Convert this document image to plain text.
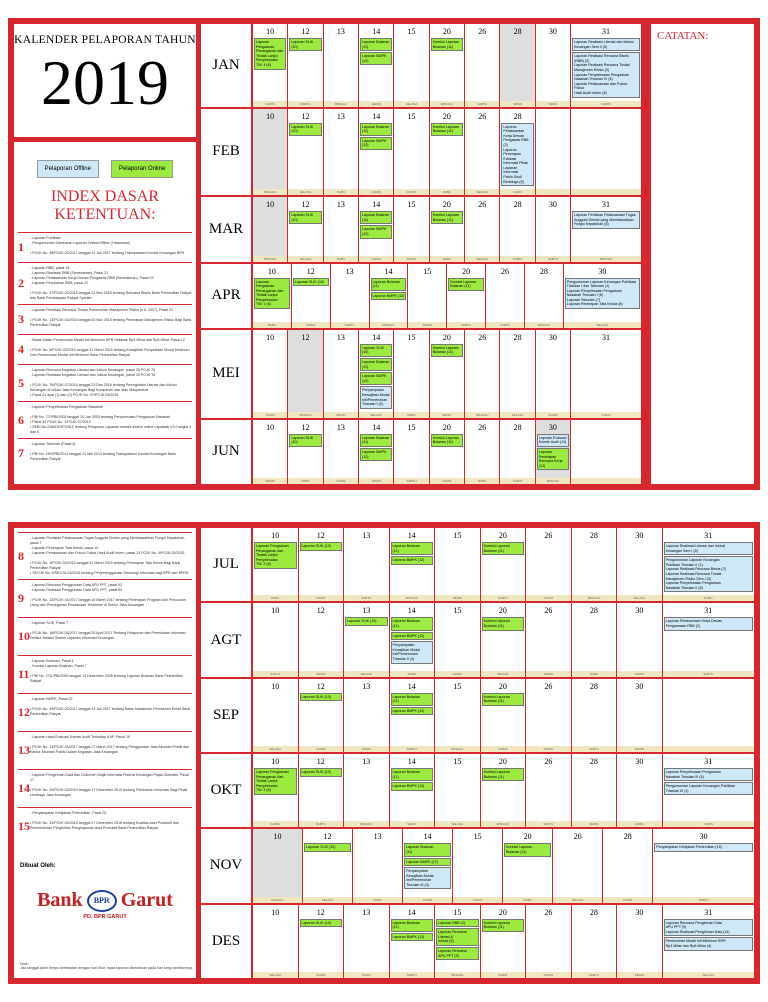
KALENDER PELAPORAN TAHUN
2019
Pelaporan Offline	Pelaporan Online
INDEX DASAR KETENTUAN:
1
- Laporan Publikasi
- Pengumuman Gambaran Laporan Online/Offline (Triwulanan)

• POJK No. 48/POJK.03/2017 tanggal 12 Juli 2017 tentang Transparansi Kondisi Keuangan BPR
2
- Laporan RBB, pasal 18
- Laporan Realisasi RBB (Semesteran), Pasal 21
- Laporan Pelaksanaan Kerja Dewan Pengawas RBB (Semesteran), Pasal 23
- Laporan Perubahan RBB, pasal 22

• POJK No. 37/POJK.03/2016 tanggal 23 Nov 2016 tentang Rencana Bisnis Bank Perkreditan Rakyat dan Bank Pembiayaan Rakyat Syariah
3
- Laporan Realisasi Rencana Tindak Pemenuhan Manajemen Risiko (s.d. 2017), Pasal 21

• POJK No. 13/POJK.03/2015 tanggal 03 Nov 2015 tentang Penerapan Manajemen Risiko Bagi Bank Perkreditan Rakyat
4
- Batas Waktu Pemenuhan Modal Inti Minimum BPR Sebesar Rp3 Miliar dan Rp6 Miliar. Pasal 12

• POJK No. 5/POJK.03/2015 tanggal 31 Maret 2015 tentang Kewajiban Penyediaan Modal Minimum Dan Pemenuhan Modal Inti Minimum Bank Perkreditan Rakyat
5
- Laporan Rencana Kegiatan Literasi dan Inklusi Keuangan, pasal 25 POJK 76
- Laporan Realisasi Kegiatan Literasi dan Inklusi Keuangan, pasal 25 POJK 76

• POJK No. 76/POJK.07/2016 tanggal 23 Des 2016 tentang Peningkatan Literasi dan Inklusi Keuangan di sektor Jasa Keuangan Bagi Konsumen dan atau Masyarakat
• Pasal 21 ayat (1) dan (2) POJK No. 07/POJK.03/2016
6
- Laporan Penyelesaian Pengaduan Nasabah

• PBI No. 7/7/PBI/2005 tanggal 20 Jan 2005 tentang Penyelesaian Pengaduan Nasabah
• Pasal 34 POJK No. 1/POJK.07/2013
• SEBI No.2/56/DKSP/2012 tentang Pelaporan Layanan melalui sistem online Lapdatak V3.0 angka 4 dan 5
7
- Laporan Tahunan (Pasal 4)

• PBI No. 15/3/PBI/2013 tanggal 21 Mei 2013 tentang Transparansi Kondisi Keuangan Bank Perkreditan Rakyat
JAN
10
Laporan Pengaduan
Penanganan dan
Tindak Lanjut
Penyelesaian
TW. 4 (6)
KAMIS
12
Laporan SLIK (10)
SABTU
13
MINGGU
14
Laporan Bulanan
(11)
Laporan BMPK (12)
SENIN
15
SELASA
20
Koreksi Laporan
Bulanan (11)
MINGGU
26
SABTU
28
SENIN
30
RABU
31
Laporan Realisasi Literasi dan Inklusi
Keuangan Sem II (5)
Laporan Realisasi Rencana Bisnis (RBB) (2)
Laporan Realisasi Rencana Tindak
Manajemen Risiko (3)
Laporan Penyelesaian Pengaduan
Nasabah Triwulan IV (6)
Laporan Pelaksanaan dan Pokok-Pokok
Hasil Audit Intern (8)
KAMIS
FEB
10
MINGGU
12
Laporan SLIK (10)
SELASA
13
RABU
14
Laporan Bulanan
(11)
Laporan BMPK (12)
KAMIS
15
JUMAT
20
Koreksi Laporan
Bulanan (11)
RABU
26
SELASA
28
Laporan Pelaksanaan
Kerja Dewan
Pengawas RBB (2)
Laporan Penerapan
Edukasi Informasi Pihak
Layanan Informasi
Patuh Sisdi Bimbinga (5)
KAMIS
MAR
10
MINGGU
12
Laporan SLIK (10)
SELASA
13
RABU
14
Laporan Bulanan
(11)
Laporan BMPK (12)
KAMIS
15
JUMAT
20
Koreksi Laporan
Bulanan (11)
RABU
26
SELASA
28
KAMIS
30
SABTU
31
Laporan Penilaian Pelaksanaan Tugas
Anggota Direksi yang Membawahkan
Fungsi Kepatuhan (8)
MINGGU
APR
10
Laporan Pengaduan
Penanganan dan
Tindak Lanjut
Penyelesaian
TW. 1 (6)
RABU
12
Laporan SLIK (10)
JUMAT
13
SABTU
14
Laporan Bulanan
(11)
Laporan BMPK (12)
MINGGU
15
SENIN
20
Koreksi Laporan
Bulanan (11)
SABTU
26
JUMAT
28
MINGGU
30
Pengumuman Laporan Keuangan Publikasi
Triwulan I dan Tahunan (1)
Laporan Penyelesaian Pengaduan
Nasabah Triwulan I (6)
Laporan Tahunan (7)
Laporan Penerapan Tata Kelola (8)
SELASA
MEI
10
JUMAT
12
MINGGU
13
SENIN
14
Laporan SLIK (10)
Laporan Bulanan
(11)
Laporan BMPK (12)
Penyampaian
Kewajiban Modal
Inti/Pemenuhan
Triwulan I (4)
SELASA
15
RABU
20
Koreksi Laporan
Bulanan (11)
SENIN
26
MINGGU
28
SELASA
30
KAMIS
31
JUMAT
JUN
10
SENIN
12
Laporan SLIK (10)
RABU
13
KAMIS
14
Laporan Bulanan
(11)
Laporan BMPK (12)
JUMAT
15
SABTU
20
Koreksi Laporan
Bulanan (11)
KAMIS
26
RABU
28
JUMAT
30
Laporan Evaluasi
Komite Audit (13)
Laporan Penetapan
Rencana Kerja (13)
MINGGU
CATATAN:
8
- Laporan Penilaian Pelaksanaan Tugas Anggota Direksi yang Membawahkan Fungsi Kepatuhan, pasal 7
- Laporan Penerapan Tata Kelola, pasal 10
- Laporan Pelaksanaan dan Pokok-Pokok Hasil Audit Intern, pasal 24 POJK No. 4/POJK.03/2015

• POJK No. 4/POJK.03/2015 tanggal 31 Maret 2015 tentang Penerapan Tata Kelola Bagi Bank Perkreditan Rakyat
• SEOJK No. 5/SEOJK.03/2016 tentang Penyelenggaraan Teknologi Informasi bagi BPR dan BPRS
9
- Laporan Rencana Penggunaan Data APU PPT, pasal 52
- Laporan Realisasi Penggunaan Data APU PPT, pasal 60

• POJK No. 12/POJK.01/2017 tanggal 16 Maret 2017 tentang Penerapan Program Anti Pencucian Uang dan Pencegahan Pendanaan Terorisme di Sektor Jasa Keuangan
10
- Laporan SLIK, Pasal 7

• POJK No. 18/POJK.03/2017 tanggal 20 April 2017 Tentang Pelaporan dan Permintaan Informasi Debitur Melalui Sistem Layanan Informasi Keuangan
11
- Laporan Bulanan, Pasal 4
- Koreksi Laporan Bulanan, Pasal 7

• PBI No. 7/31/PBI/2005 tanggal 14 Desember 2005 tentang Laporan Bulanan Bank Perkreditan Rakyat
12
- Laporan BMPK, Pasal 22

• POJK No. 49/POJK.03/2017 tanggal 13 Juli 2017 tentang Batas Maksimum Pemberian Kredit Bank Perkreditan Rakyat
13
- Laporan Hasil Evaluasi Komite Audit Terhadap KAP, Pasal 29

• POJK No. 13/POJK.03/2017 tanggal 27 Maret 2017 tentang Penggunaan Jasa Akuntan Publik dan Kantor Akuntan Publik Dalam Kegiatan Jasa Keuangan
14
- Laporan Pengiriman Data dan Dokumen Wajib Informasi Potensi Keuangan Pajak Otomatis, Pasal 17

• POJK No. 25/POJK.03/2019 tanggal 17 Desember 2019 tentang Pemberian Informasi Bagi Pihak Lembaga Jasa Keuangan
15
- Penyampaian Kebijakan Perkreditan, Pasal 02

• POJK No. 33/POJK.03/2018 tanggal 27 Desember 2018 tentang Kualitas Aset Produktif dan Pembentukan Penyisihan Penghapusan Aset Produktif Bank Perkreditan Rakyat
Dibuat Oleh:
Bank	BPR Garut
PD. BPR GARUT
Note:
Jika tanggal jatuh tempo bertepatan dengan hari libur, maka laporan diserahkan pada hari kerja sebelumnya.
JUL
10
Laporan Pengaduan
Penanganan dan
Tindak Lanjut
Penyelesaian
TW. 2 (6)
RABU
12
Laporan SLIK (10)
JUMAT
13
SABTU
14
Laporan Bulanan
(11)
Laporan BMPK (12)
MINGGU
15
SENIN
20
Koreksi Laporan
Bulanan (11)
SABTU
26
JUMAT
28
MINGGU
30
SELASA
31
Laporan Realisasi Literasi dan Inklusi
Keuangan Sem I (5)
Pengumuman Laporan Keuangan
Publikasi Triwulan II (1)
Laporan Realisasi Rencana Bisnis (2)
Laporan Realisasi Rencana Tindak
Manajemen Risiko Sem I (3)
Laporan Penyelesaian Pengaduan
Nasabah Triwulan II (6)
RABU
AGT
10
SABTU
12
SENIN
13
Laporan SLIK (10)
SELASA
14
Laporan Bulanan
(11)
Laporan BMPK (12)
Penyampaian
Kewajiban Modal
Inti/Pemenuhan
Triwulan II (4)
RABU
15
KAMIS
20
Koreksi Laporan
Bulanan (11)
SELASA
26
SENIN
28
RABU
30
JUMAT
31
Laporan Pelaksanaan Kerja Dewan
Pengawasan RBB (2)
SABTU
SEP
10
SELASA
12
Laporan SLIK (10)
KAMIS
13
JUMAT
14
Laporan Bulanan
(11)
Laporan BMPK (12)
SABTU
15
MINGGU
20
Koreksi Laporan
Bulanan (11)
JUMAT
26
KAMIS
28
SABTU
30
SENIN
OKT
10
Laporan Pengaduan
Penanganan dan
Tindak Lanjut
Penyelesaian
TW. 3 (6)
KAMIS
12
Laporan SLIK (10)
SABTU
13
MINGGU
14
Laporan Bulanan
(11)
Laporan BMPK (12)
SENIN
15
SELASA
20
Koreksi Laporan
Bulanan (11)
MINGGU
26
SABTU
28
SENIN
30
RABU
31
Laporan Penyelesaian Pengaduan
Nasabah Triwulan III (6)
Pengumuman Laporan Keuangan Publikasi
Triwulan III (1)
KAMIS
NOV
10
MINGGU
12
Laporan SLIK (10)
SELASA
13
RABU
14
Laporan Bulanan
(11)
Laporan BMPK (12)
Penyampaian
Kewajiban Modal
Inti/Pemenuhan
Triwulan III (4)
KAMIS
15
JUMAT
20
Koreksi Laporan
Bulanan (11)
RABU
26
SELASA
28
KAMIS
30
Penyampaian Kebijakan Perkreditan (15)
SABTU
DES
10
SELASA
12
Laporan SLIK (10)
KAMIS
13
JUMAT
14
Laporan Bulanan
(11)
Laporan BMPK (12)
SABTU
15
Laporan RBB (2)
Laporan Rencana
Literasi &
Inklusi (5)
Laporan Rencana
APU PPT (9)
MINGGU
20
Koreksi Laporan
Bulanan (11)
JUMAT
26
KAMIS
28
SABTU
30
SENIN
31
Laporan Rencana Pengiriman Data
APU PPT (9)
Laporan Realisasi Pengiriman Data (14)
Pemenuhan Modal Inti Minimum BPR
Rp3 Miliar dan Rp6 Miliar (4)
SELASA
